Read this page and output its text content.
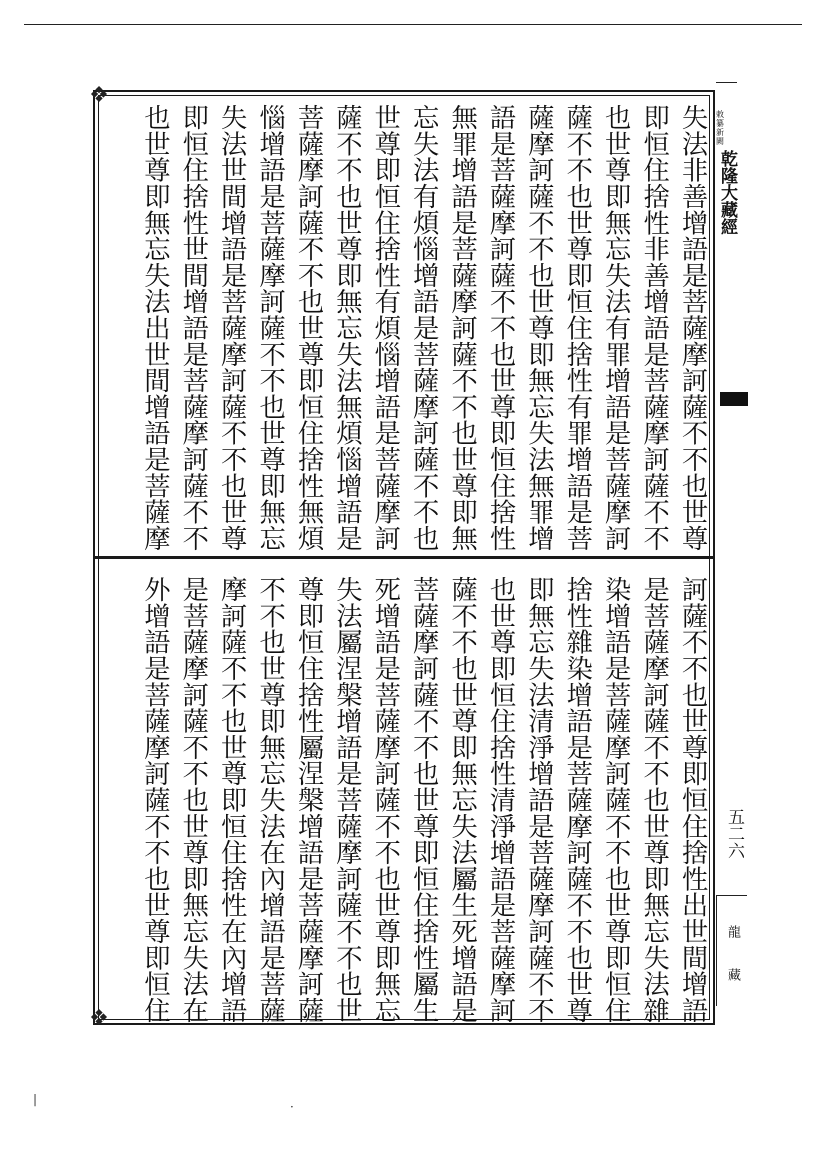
❖
❖
失法非善增語是菩薩摩訶薩不不也世尊
即恒住捨性非善增語是菩薩摩訶薩不不
也世尊即無忘失法有罪增語是菩薩摩訶
薩不不也世尊即恒住捨性有罪增語是菩
薩摩訶薩不不也世尊即無忘失法無罪增
語是菩薩摩訶薩不不也世尊即恒住捨性
無罪增語是菩薩摩訶薩不不也世尊即無
忘失法有煩惱增語是菩薩摩訶薩不不也
世尊即恒住捨性有煩惱增語是菩薩摩訶
薩不不也世尊即無忘失法無煩惱增語是
菩薩摩訶薩不不也世尊即恒住捨性無煩
惱增語是菩薩摩訶薩不不也世尊即無忘
失法世間增語是菩薩摩訶薩不不也世尊
即恒住捨性世間增語是菩薩摩訶薩不不
也世尊即無忘失法出世間增語是菩薩摩
訶薩不不也世尊即恒住捨性出世間增語
是菩薩摩訶薩不不也世尊即無忘失法雜
染增語是菩薩摩訶薩不不也世尊即恒住
捨性雜染增語是菩薩摩訶薩不不也世尊
即無忘失法清淨增語是菩薩摩訶薩不不
也世尊即恒住捨性清淨增語是菩薩摩訶
薩不不也世尊即無忘失法屬生死增語是
菩薩摩訶薩不不也世尊即恒住捨性屬生
死增語是菩薩摩訶薩不不也世尊即無忘
失法屬涅槃增語是菩薩摩訶薩不不也世
尊即恒住捨性屬涅槃增語是菩薩摩訶薩
不不也世尊即無忘失法在內增語是菩薩
摩訶薩不不也世尊即恒住捨性在內增語
是菩薩摩訶薩不不也世尊即無忘失法在
外增語是菩薩摩訶薩不不也世尊即恒住
敕纂新闕
乾隆大藏經
五二六
龍藏
|
·
